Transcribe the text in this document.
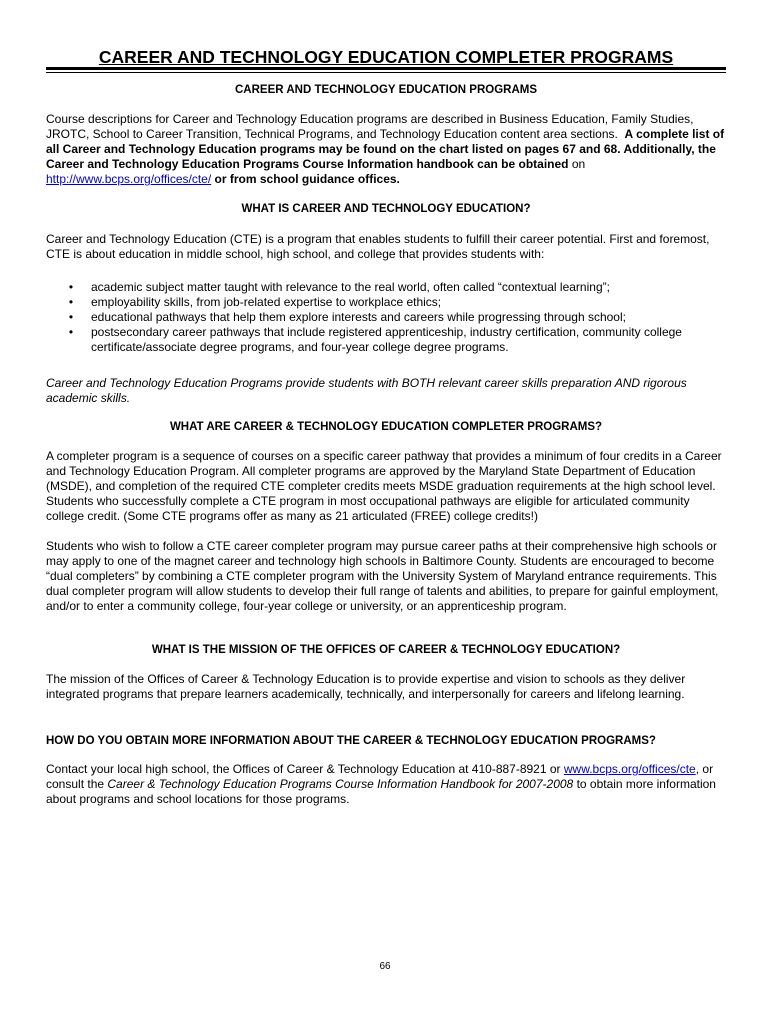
CAREER AND TECHNOLOGY EDUCATION COMPLETER PROGRAMS
CAREER AND TECHNOLOGY EDUCATION PROGRAMS

Course descriptions for Career and Technology Education programs are described in Business Education, Family Studies, JROTC, School to Career Transition, Technical Programs, and Technology Education content area sections. A complete list of all Career and Technology Education programs may be found on the chart listed on pages 67 and 68. Additionally, the Career and Technology Education Programs Course Information handbook can be obtained on http://www.bcps.org/offices/cte/ or from school guidance offices.

WHAT IS CAREER AND TECHNOLOGY EDUCATION?

Career and Technology Education (CTE) is a program that enables students to fulfill their career potential. First and foremost, CTE is about education in middle school, high school, and college that provides students with:

• academic subject matter taught with relevance to the real world, often called “contextual learning”;
• employability skills, from job-related expertise to workplace ethics;
• educational pathways that help them explore interests and careers while progressing through school;
• postsecondary career pathways that include registered apprenticeship, industry certification, community college certificate/associate degree programs, and four-year college degree programs.

Career and Technology Education Programs provide students with BOTH relevant career skills preparation AND rigorous academic skills.

WHAT ARE CAREER & TECHNOLOGY EDUCATION COMPLETER PROGRAMS?

A completer program is a sequence of courses on a specific career pathway that provides a minimum of four credits in a Career and Technology Education Program. All completer programs are approved by the Maryland State Department of Education (MSDE), and completion of the required CTE completer credits meets MSDE graduation requirements at the high school level. Students who successfully complete a CTE program in most occupational pathways are eligible for articulated community college credit. (Some CTE programs offer as many as 21 articulated (FREE) college credits!)

Students who wish to follow a CTE career completer program may pursue career paths at their comprehensive high schools or may apply to one of the magnet career and technology high schools in Baltimore County. Students are encouraged to become “dual completers” by combining a CTE completer program with the University System of Maryland entrance requirements. This dual completer program will allow students to develop their full range of talents and abilities, to prepare for gainful employment, and/or to enter a community college, four-year college or university, or an apprenticeship program.

WHAT IS THE MISSION OF THE OFFICES OF CAREER & TECHNOLOGY EDUCATION?

The mission of the Offices of Career & Technology Education is to provide expertise and vision to schools as they deliver integrated programs that prepare learners academically, technically, and interpersonally for careers and lifelong learning.

HOW DO YOU OBTAIN MORE INFORMATION ABOUT THE CAREER & TECHNOLOGY EDUCATION PROGRAMS?

Contact your local high school, the Offices of Career & Technology Education at 410-887-8921 or www.bcps.org/offices/cte, or consult the Career & Technology Education Programs Course Information Handbook for 2007-2008 to obtain more information about programs and school locations for those programs.

66
